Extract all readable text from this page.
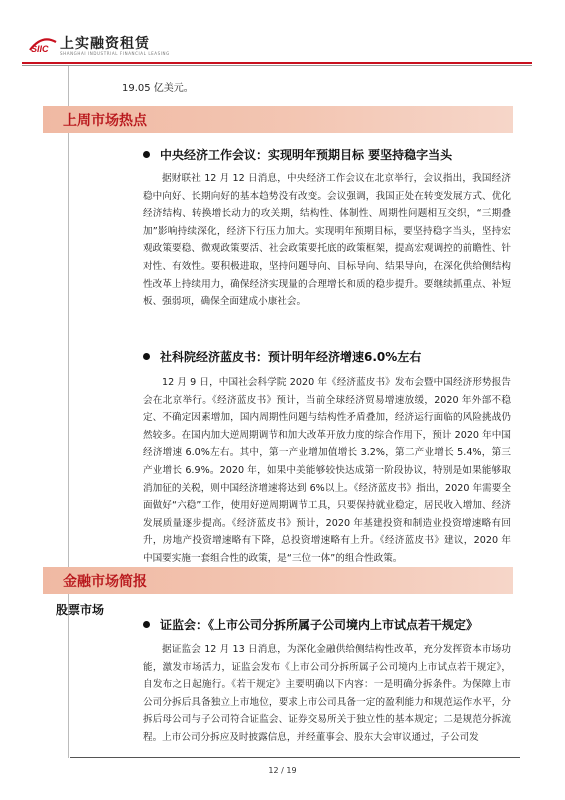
SIIC 上实融资租赁
SHANGHAI INDUSTRIAL FINANCIAL LEASING
19.05 亿美元。
上周市场热点
中央经济工作会议：实现明年预期目标 要坚持稳字当头

据财联社 12 月 12 日消息，中央经济工作会议在北京举行，会议指出，我国经济稳中向好、长期向好的基本趋势没有改变。会议强调，我国正处在转变发展方式、优化经济结构、转换增长动力的攻关期，结构性、体制性、周期性问题相互交织，“三期叠加”影响持续深化，经济下行压力加大。实现明年预期目标，要坚持稳字当头，坚持宏观政策要稳、微观政策要活、社会政策要托底的政策框架，提高宏观调控的前瞻性、针对性、有效性。要积极进取，坚持问题导向、目标导向、结果导向，在深化供给侧结构性改革上持续用力，确保经济实现量的合理增长和质的稳步提升。要继续抓重点、补短板、强弱项，确保全面建成小康社会。

社科院经济蓝皮书：预计明年经济增速6.0%左右

12 月 9 日，中国社会科学院 2020 年《经济蓝皮书》发布会暨中国经济形势报告会在北京举行。《经济蓝皮书》预计，当前全球经济贸易增速放缓，2020 年外部不稳定、不确定因素增加，国内周期性问题与结构性矛盾叠加，经济运行面临的风险挑战仍然较多。在国内加大逆周期调节和加大改革开放力度的综合作用下，预计 2020 年中国经济增速 6.0%左右。其中，第一产业增加值增长 3.2%，第二产业增长 5.4%，第三产业增长 6.9%。2020 年，如果中美能够较快达成第一阶段协议，特别是如果能够取消加征的关税，则中国经济增速将达到 6%以上。《经济蓝皮书》指出，2020 年需要全面做好“六稳”工作，使用好逆周期调节工具，只要保持就业稳定，居民收入增加、经济发展质量逐步提高。《经济蓝皮书》预计，2020 年基建投资和制造业投资增速略有回升，房地产投资增速略有下降，总投资增速略有上升。《经济蓝皮书》建议，2020 年中国要实施一套组合性的政策，是“三位一体”的组合性政策。

金融市场简报
股票市场
证监会：《上市公司分拆所属子公司境内上市试点若干规定》

据证监会 12 月 13 日消息，为深化金融供给侧结构性改革，充分发挥资本市场功能，激发市场活力，证监会发布《上市公司分拆所属子公司境内上市试点若干规定》，自发布之日起施行。《若干规定》主要明确以下内容：一是明确分拆条件。为保障上市公司分拆后具备独立上市地位，要求上市公司具备一定的盈利能力和规范运作水平，分拆后母公司与子公司符合证监会、证券交易所关于独立性的基本规定；二是规范分拆流程。上市公司分拆应及时披露信息，并经董事会、股东大会审议通过，子公司发

12 / 19
